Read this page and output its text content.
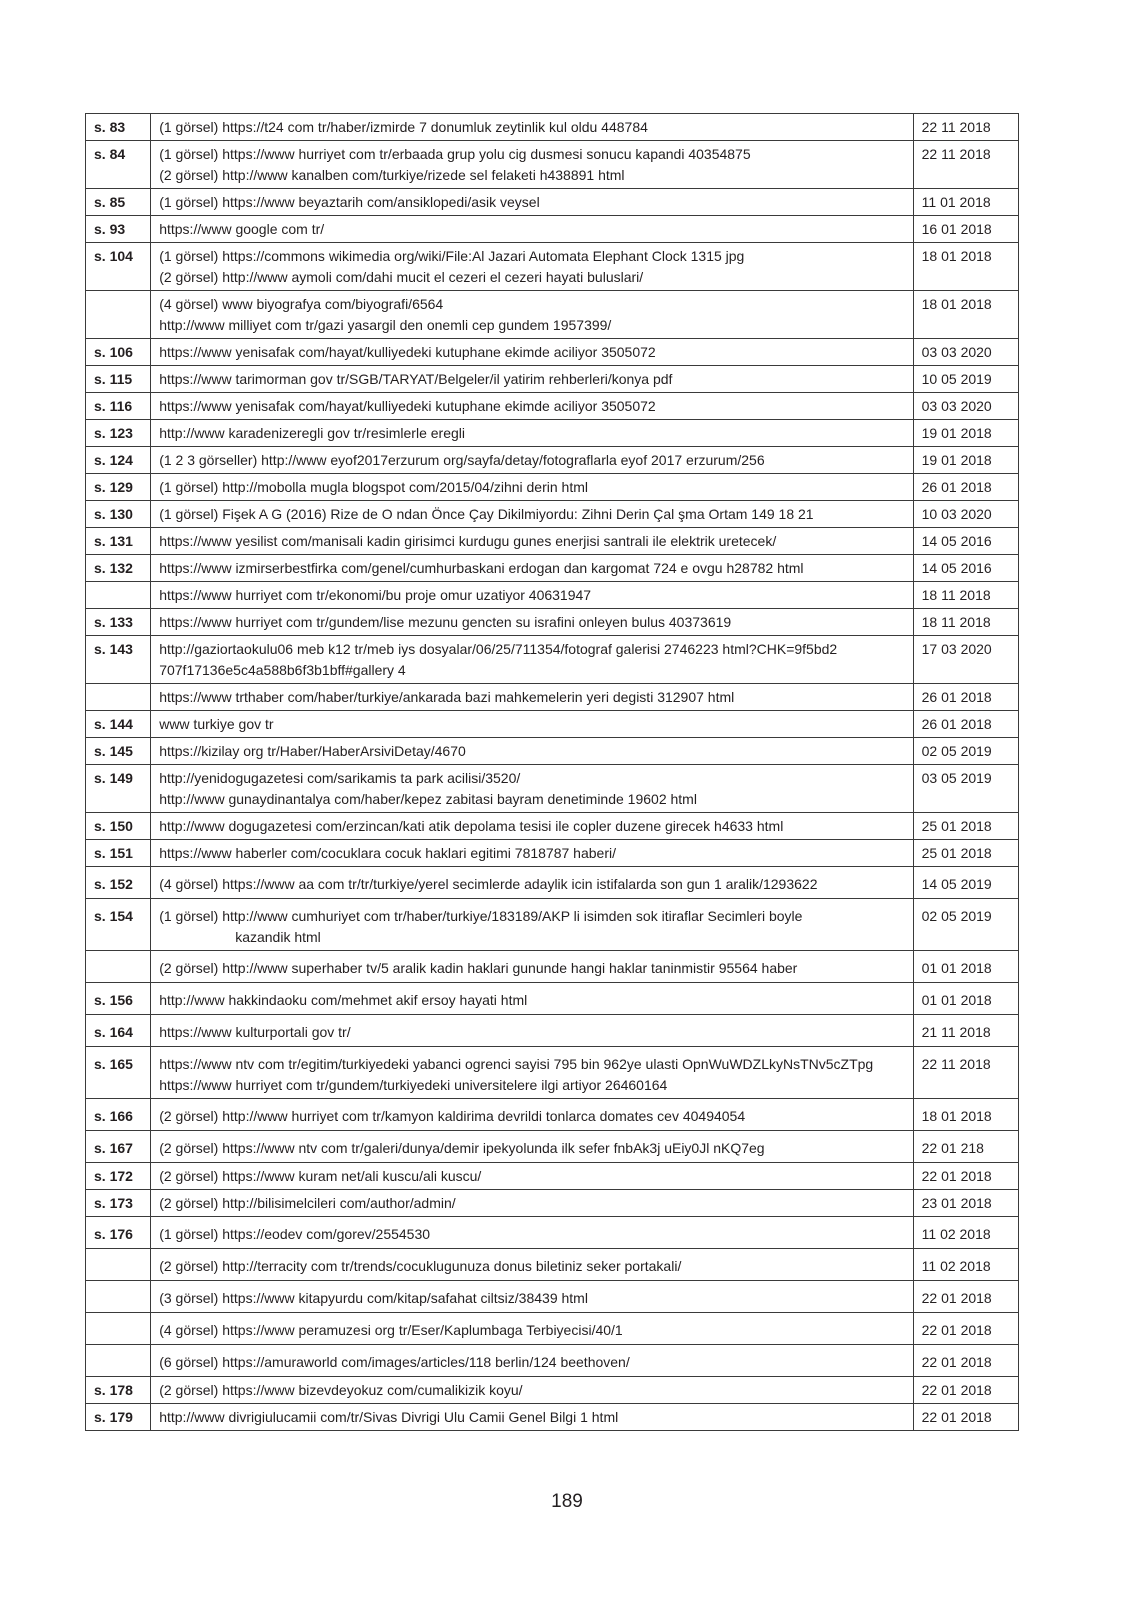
s. 83	(1 görsel) https://t24 com tr/haber/izmirde 7 donumluk zeytinlik kul oldu 448784	22 11 2018
s. 84	(1 görsel) https://www hurriyet com tr/erbaada grup yolu cig dusmesi sonucu kapandi 40354875
(2 görsel) http://www kanalben com/turkiye/rizede sel felaketi h438891 html	22 11 2018
s. 85	(1 görsel) https://www beyaztarih com/ansiklopedi/asik veysel	11 01 2018
s. 93	https://www google com tr/	16 01 2018
s. 104	(1 görsel) https://commons wikimedia org/wiki/File:Al Jazari Automata Elephant Clock 1315 jpg
(2 görsel) http://www aymoli com/dahi mucit el cezeri el cezeri hayati buluslari/	18 01 2018

	(4 görsel) www biyografya com/biyografi/6564
http://www milliyet com tr/gazi yasargil den onemli cep gundem 1957399/	18 01 2018
s. 106	https://www yenisafak com/hayat/kulliyedeki kutuphane ekimde aciliyor 3505072	03 03 2020
s. 115	https://www tarimorman gov tr/SGB/TARYAT/Belgeler/il yatirim rehberleri/konya pdf	10 05 2019
s. 116	https://www yenisafak com/hayat/kulliyedeki kutuphane ekimde aciliyor 3505072	03 03 2020
s. 123	http://www karadenizeregli gov tr/resimlerle eregli	19 01 2018
s. 124	(1 2 3 görseller) http://www eyof2017erzurum org/sayfa/detay/fotograflarla eyof 2017 erzurum/256	19 01 2018
s. 129	(1 görsel) http://mobolla mugla blogspot com/2015/04/zihni derin html	26 01 2018
s. 130	(1 görsel) Fişek A G (2016) Rize de O ndan Önce Çay Dikilmiyordu: Zihni Derin Çal şma Ortam 149 18 21	10 03 2020
s. 131	https://www yesilist com/manisali kadin girisimci kurdugu gunes enerjisi santrali ile elektrik uretecek/	14 05 2016
s. 132	https://www izmirserbestfirka com/genel/cumhurbaskani erdogan dan kargomat 724 e ovgu h28782 html	14 05 2016

	https://www hurriyet com tr/ekonomi/bu proje omur uzatiyor 40631947	18 11 2018
s. 133	https://www hurriyet com tr/gundem/lise mezunu gencten su israfini onleyen bulus 40373619	18 11 2018
s. 143	http://gaziortaokulu06 meb k12 tr/meb iys dosyalar/06/25/711354/fotograf galerisi 2746223 html?CHK=9f5bd2
707f17136e5c4a588b6f3b1bff#gallery 4	17 03 2020

	https://www trthaber com/haber/turkiye/ankarada bazi mahkemelerin yeri degisti 312907 html	26 01 2018
s. 144	www turkiye gov tr	26 01 2018
s. 145	https://kizilay org tr/Haber/HaberArsiviDetay/4670	02 05 2019
s. 149	http://yenidogugazetesi com/sarikamis ta park acilisi/3520/
http://www gunaydinantalya com/haber/kepez zabitasi bayram denetiminde 19602 html	03 05 2019
s. 150	http://www dogugazetesi com/erzincan/kati atik depolama tesisi ile copler duzene girecek h4633 html	25 01 2018
s. 151	https://www haberler com/cocuklara cocuk haklari egitimi 7818787 haberi/	25 01 2018
s. 152	(4 görsel) https://www aa com tr/tr/turkiye/yerel secimlerde adaylik icin istifalarda son gun 1 aralik/1293622	14 05 2019
s. 154	(1 görsel) http://www cumhuriyet com tr/haber/turkiye/183189/AKP li isimden sok itiraflar Secimleri boyle
kazandik html	02 05 2019

	(2 görsel) http://www superhaber tv/5 aralik kadin haklari gununde hangi haklar taninmistir 95564 haber	01 01 2018
s. 156	http://www hakkindaoku com/mehmet akif ersoy hayati html	01 01 2018
s. 164	https://www kulturportali gov tr/	21 11 2018
s. 165	https://www ntv com tr/egitim/turkiyedeki yabanci ogrenci sayisi 795 bin 962ye ulasti OpnWuWDZLkyNsTNv5cZTpg
https://www hurriyet com tr/gundem/turkiyedeki universitelere ilgi artiyor 26460164	22 11 2018
s. 166	(2 görsel) http://www hurriyet com tr/kamyon kaldirima devrildi tonlarca domates cev 40494054	18 01 2018
s. 167	(2 görsel) https://www ntv com tr/galeri/dunya/demir ipekyolunda ilk sefer fnbAk3j uEiy0Jl nKQ7eg	22 01 218
s. 172	(2 görsel) https://www kuram net/ali kuscu/ali kuscu/	22 01 2018
s. 173	(2 görsel) http://bilisimelcileri com/author/admin/	23 01 2018
s. 176	(1 görsel) https://eodev com/gorev/2554530	11 02 2018

	(2 görsel) http://terracity com tr/trends/cocuklugunuza donus biletiniz seker portakali/	11 02 2018

	(3 görsel) https://www kitapyurdu com/kitap/safahat ciltsiz/38439 html	22 01 2018

	(4 görsel) https://www peramuzesi org tr/Eser/Kaplumbaga Terbiyecisi/40/1	22 01 2018

	(6 görsel) https://amuraworld com/images/articles/118 berlin/124 beethoven/	22 01 2018
s. 178	(2 görsel) https://www bizevdeyokuz com/cumalikizik koyu/	22 01 2018
s. 179	http://www divrigiulucamii com/tr/Sivas Divrigi Ulu Camii Genel Bilgi 1 html	22 01 2018
189
